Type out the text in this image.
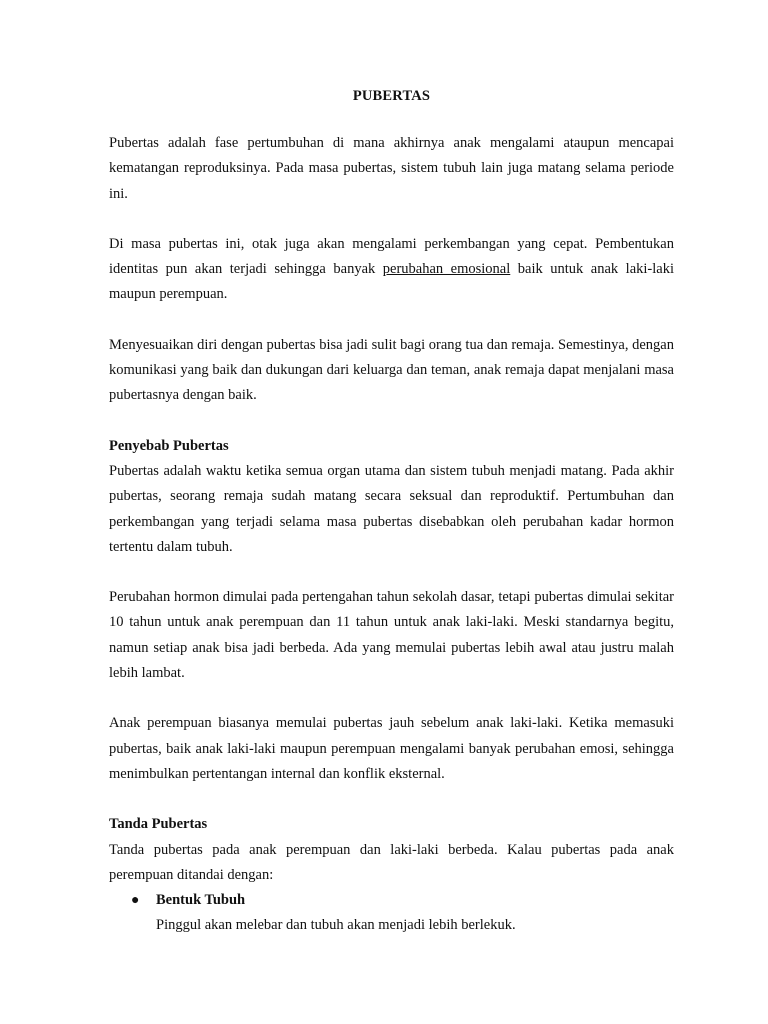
PUBERTAS

Pubertas adalah fase pertumbuhan di mana akhirnya anak mengalami ataupun mencapai kematangan reproduksinya. Pada masa pubertas, sistem tubuh lain juga matang selama periode ini.

Di masa pubertas ini, otak juga akan mengalami perkembangan yang cepat. Pembentukan identitas pun akan terjadi sehingga banyak perubahan emosional baik untuk anak laki-laki maupun perempuan.

Menyesuaikan diri dengan pubertas bisa jadi sulit bagi orang tua dan remaja. Semestinya, dengan komunikasi yang baik dan dukungan dari keluarga dan teman, anak remaja dapat menjalani masa pubertasnya dengan baik.

Penyebab Pubertas

Pubertas adalah waktu ketika semua organ utama dan sistem tubuh menjadi matang. Pada akhir pubertas, seorang remaja sudah matang secara seksual dan reproduktif. Pertumbuhan dan perkembangan yang terjadi selama masa pubertas disebabkan oleh perubahan kadar hormon tertentu dalam tubuh.

Perubahan hormon dimulai pada pertengahan tahun sekolah dasar, tetapi pubertas dimulai sekitar 10 tahun untuk anak perempuan dan 11 tahun untuk anak laki-laki. Meski standarnya begitu, namun setiap anak bisa jadi berbeda. Ada yang memulai pubertas lebih awal atau justru malah lebih lambat.

Anak perempuan biasanya memulai pubertas jauh sebelum anak laki-laki. Ketika memasuki pubertas, baik anak laki-laki maupun perempuan mengalami banyak perubahan emosi, sehingga menimbulkan pertentangan internal dan konflik eksternal.

Tanda Pubertas

Tanda pubertas pada anak perempuan dan laki-laki berbeda. Kalau pubertas pada anak perempuan ditandai dengan:

● Bentuk Tubuh
Pinggul akan melebar dan tubuh akan menjadi lebih berlekuk.
